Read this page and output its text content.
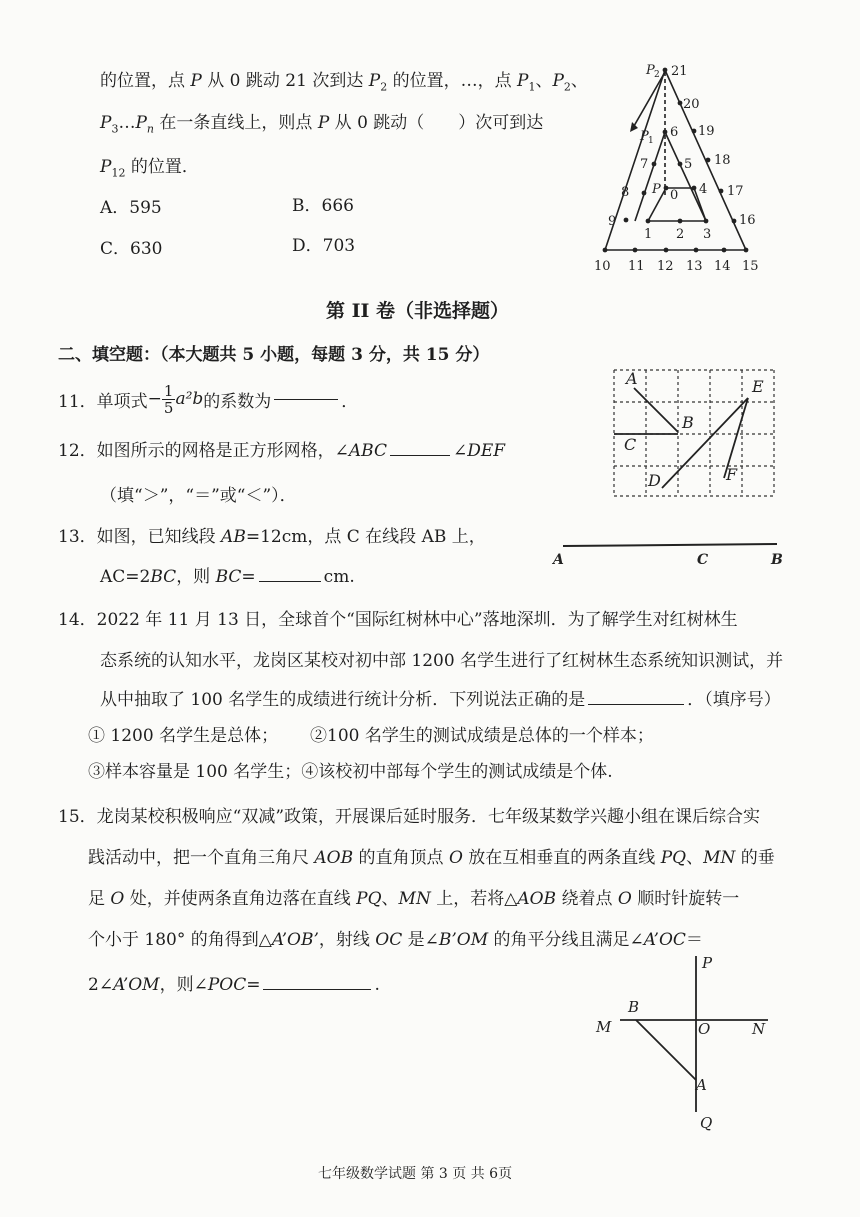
的位置，点 P 从 0 跳动 21 次到达 $P_2$ 的位置，…，点 $P_1$、$P_2$、
$P_3\dots P_n$ 在一条直线上，则点 P 从 0 跳动（　　）次可到达
$P_{12}$ 的位置．
A．595	B．666
C．630	D．703
P 2 21
20
19
P 1
6
7	5 18
8 P 0 4 17
9	16
1 2 3
10 11 12 13 14 15
第 II 卷（非选择题）
二、填空题：（本大题共 5 小题，每题 3 分，共 15 分）
11． 单项式 − $\frac{1}{5} a^2b$ 的系数为	．
12．如图所示的网格是正方形网格，∠ABC	∠DEF
（填“＞”，“＝”或“＜”）．
A
B
C
D
E
F
13．如图，已知线段 AB=12cm，点 C 在线段 AB 上，
AC=2BC，则 BC=	cm.
A	C	B
14．2022 年 11 月 13 日，全球首个“国际红树林中心”落地深圳．为了解学生对红树林生
态系统的认知水平，龙岗区某校对初中部 1200 名学生进行了红树林生态系统知识测试，并
从中抽取了 100 名学生的成绩进行统计分析．下列说法正确的是	．（填序号）
① 1200 名学生是总体； ②100 名学生的测试成绩是总体的一个样本；
③样本容量是 100 名学生；④该校初中部每个学生的测试成绩是个体.
15．龙岗某校积极响应“双减”政策，开展课后延时服务．七年级某数学兴趣小组在课后综合实
践活动中，把一个直角三角尺 AOB 的直角顶点 O 放在互相垂直的两条直线 PQ、MN 的垂
足 O 处，并使两条直角边落在直线 PQ、MN 上，若将△AOB 绕着点 O 顺时针旋转一
个小于 180° 的角得到△A’OB’，射线 OC 是∠B’OM 的角平分线且满足∠A’OC＝
2∠A’OM，则∠POC=	.
P
M
B
O	N
A
Q
七年级数学试题 第 3 页 共 6页
